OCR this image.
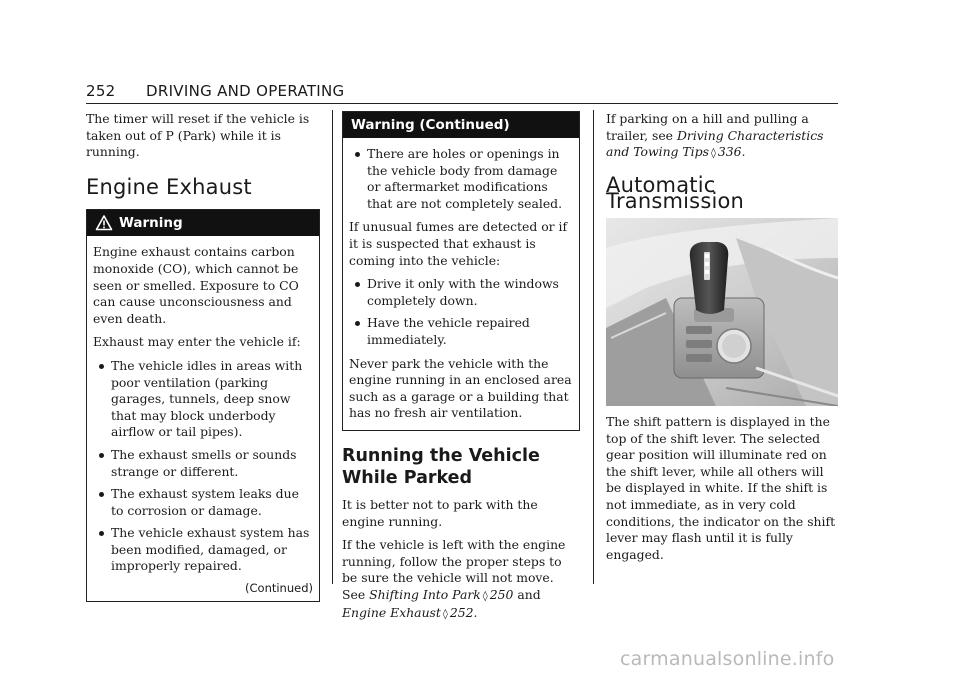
252 DRIVING AND OPERATING

The timer will reset if the vehicle is taken out of P (Park) while it is running.

Engine Exhaust
Warning

Engine exhaust contains carbon monoxide (CO), which cannot be seen or smelled. Exposure to CO can cause unconsciousness and even death.

Exhaust may enter the vehicle if:

The vehicle idles in areas with poor ventilation (parking garages, tunnels, deep snow that may block underbody airflow or tail pipes).
The exhaust smells or sounds strange or different.
The exhaust system leaks due to corrosion or damage.
The vehicle exhaust system has been modified, damaged, or improperly repaired.
(Continued)
Warning (Continued)
There are holes or openings in the vehicle body from damage or aftermarket modifications that are not completely sealed.

If unusual fumes are detected or if it is suspected that exhaust is coming into the vehicle:

Drive it only with the windows completely down.
Have the vehicle repaired immediately.

Never park the vehicle with the engine running in an enclosed area such as a garage or a building that has no fresh air ventilation.

Running the Vehicle While Parked

It is better not to park with the engine running.

If the vehicle is left with the engine running, follow the proper steps to be sure the vehicle will not move. See Shifting Into Park ◊ 250 and
Engine Exhaust ◊ 252.

If parking on a hill and pulling a trailer, see Driving Characteristics and Towing Tips ◊ 336.

Automatic Transmission

The shift pattern is displayed in the top of the shift lever. The selected gear position will illuminate red on the shift lever, while all others will be displayed in white. If the shift is not immediate, as in very cold conditions, the indicator on the shift lever may flash until it is fully engaged.

carmanualsonline.info
